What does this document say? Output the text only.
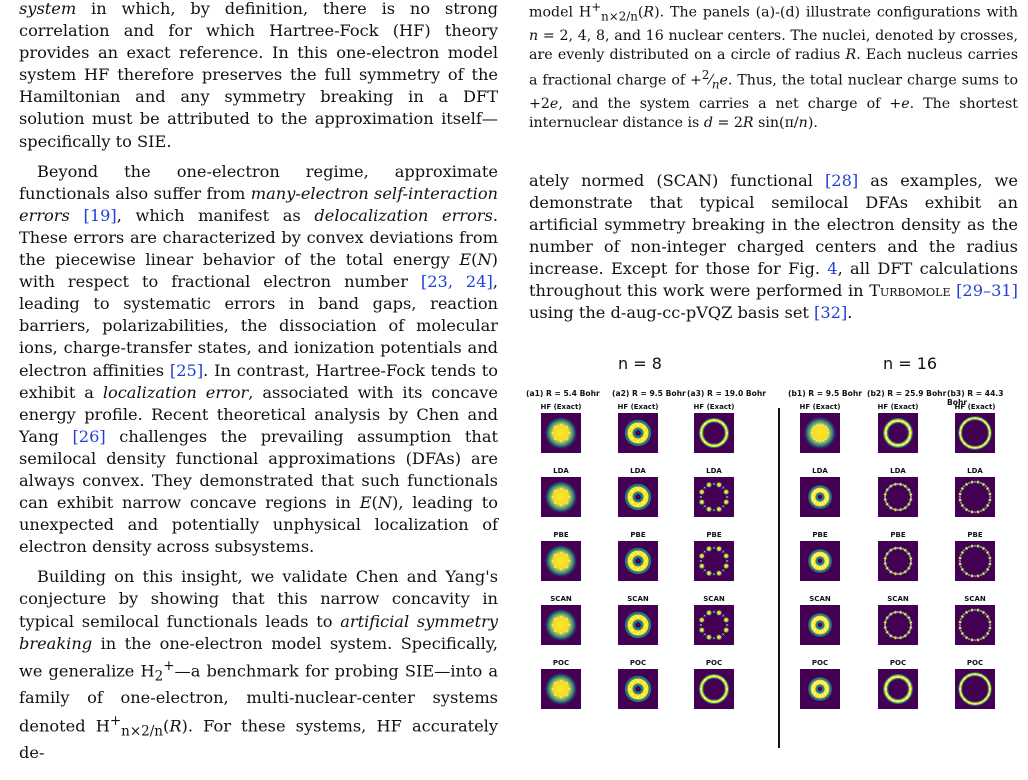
system in which, by definition, there is no strong correlation and for which Hartree-Fock (HF) theory provides an exact reference. In this one-electron model system HF therefore preserves the full symmetry of the Hamiltonian and any symmetry breaking in a DFT solution must be attributed to the approximation itself—specifically to SIE.

Beyond the one-electron regime, approximate functionals also suffer from many-electron self-interaction errors [19], which manifest as delocalization errors. These errors are characterized by convex deviations from the piecewise linear behavior of the total energy E(N) with respect to fractional electron number [23, 24], leading to systematic errors in band gaps, reaction barriers, polarizabilities, the dissociation of molecular ions, charge-transfer states, and ionization potentials and electron affinities [25]. In contrast, Hartree-Fock tends to exhibit a localization error, associated with its concave energy profile. Recent theoretical analysis by Chen and Yang [26] challenges the prevailing assumption that semilocal density functional approximations (DFAs) are always convex. They demonstrated that such functionals can exhibit narrow concave regions in E(N), leading to unexpected and potentially unphysical localization of electron density across subsystems.

Building on this insight, we validate Chen and Yang's conjecture by showing that this narrow concavity in typical semilocal functionals leads to artificial symmetry breaking in the one-electron model system. Specifically, we generalize $H_2^+—a$ benchmark for probing SIE—into a family of one-electron, multi-nuclear-center systems denoted $H^+_{n\times 2/n}(R)$. For these systems, HF accurately de-

model $H^+_{n\times 2/n}(R)$. The panels (a)-(d) illustrate configurations with n = 2, 4, 8, and 16 nuclear centers. The nuclei, denoted by crosses, are evenly distributed on a circle of radius R. Each nucleus carries a fractional charge of $+^2⁄_ne$. Thus, the total nuclear charge sums to +2e, and the system carries a net charge of +e. The shortest internuclear distance is d = 2R sin(π/n).

ately normed (SCAN) functional [28] as examples, we demonstrate that typical semilocal DFAs exhibit an artificial symmetry breaking in the electron density as the number of non-integer charged centers and the radius increase. Except for those for Fig. 4, all DFT calculations throughout this work were performed in Turbomole [29–31] using the d-aug-cc-pVQZ basis set [32].

n = 8	n = 16
(a1) R = 5.4 Bohr (a2) R = 9.5 Bohr (a3) R = 19.0 Bohr	(b1) R = 9.5 Bohr (b2) R = 25.9 Bohr (b3) R = 44.3 Bohr
HF (Exact)
LDA
PBE
SCAN
POC
HF (Exact)
LDA
PBE
SCAN
POC
HF (Exact)
LDA
PBE
SCAN
POC
HF (Exact)
LDA
PBE
SCAN
POC
HF (Exact)
LDA
PBE
SCAN
POC
HF (Exact)
LDA
PBE
SCAN
POC
